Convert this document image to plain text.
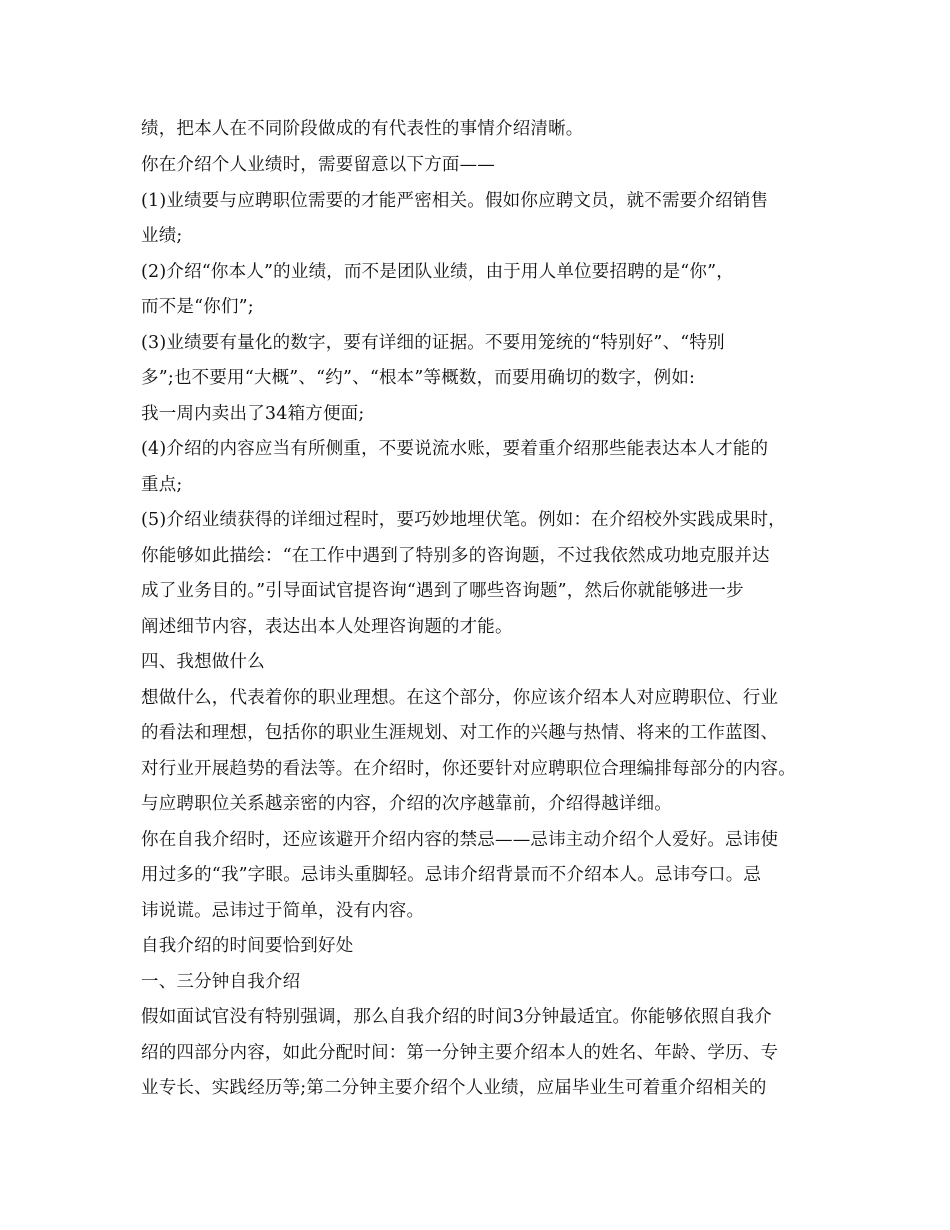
绩，把本人在不同阶段做成的有代表性的事情介绍清晰。
你在介绍个人业绩时，需要留意以下方面——
(1)业绩要与应聘职位需要的才能严密相关。假如你应聘文员，就不需要介绍销售
业绩;
(2)介绍“你本人”的业绩，而不是团队业绩，由于用人单位要招聘的是“你”，
而不是“你们”;
(3)业绩要有量化的数字，要有详细的证据。不要用笼统的“特别好”、“特别
多”;也不要用“大概”、“约”、“根本”等概数，而要用确切的数字，例如:
我一周内卖出了34箱方便面;
(4)介绍的内容应当有所侧重，不要说流水账，要着重介绍那些能表达本人才能的
重点;
(5)介绍业绩获得的详细过程时，要巧妙地埋伏笔。例如：在介绍校外实践成果时，
你能够如此描绘：“在工作中遇到了特别多的咨询题，不过我依然成功地克服并达
成了业务目的。”引导面试官提咨询“遇到了哪些咨询题”，然后你就能够进一步
阐述细节内容，表达出本人处理咨询题的才能。
四、我想做什么
想做什么，代表着你的职业理想。在这个部分，你应该介绍本人对应聘职位、行业
的看法和理想，包括你的职业生涯规划、对工作的兴趣与热情、将来的工作蓝图、
对行业开展趋势的看法等。在介绍时，你还要针对应聘职位合理编排每部分的内容。
与应聘职位关系越亲密的内容，介绍的次序越靠前，介绍得越详细。
你在自我介绍时，还应该避开介绍内容的禁忌——忌讳主动介绍个人爱好。忌讳使
用过多的“我”字眼。忌讳头重脚轻。忌讳介绍背景而不介绍本人。忌讳夸口。忌
讳说谎。忌讳过于简单，没有内容。
自我介绍的时间要恰到好处
一、三分钟自我介绍
假如面试官没有特别强调，那么自我介绍的时间3分钟最适宜。你能够依照自我介
绍的四部分内容，如此分配时间：第一分钟主要介绍本人的姓名、年龄、学历、专
业专长、实践经历等;第二分钟主要介绍个人业绩，应届毕业生可着重介绍相关的
